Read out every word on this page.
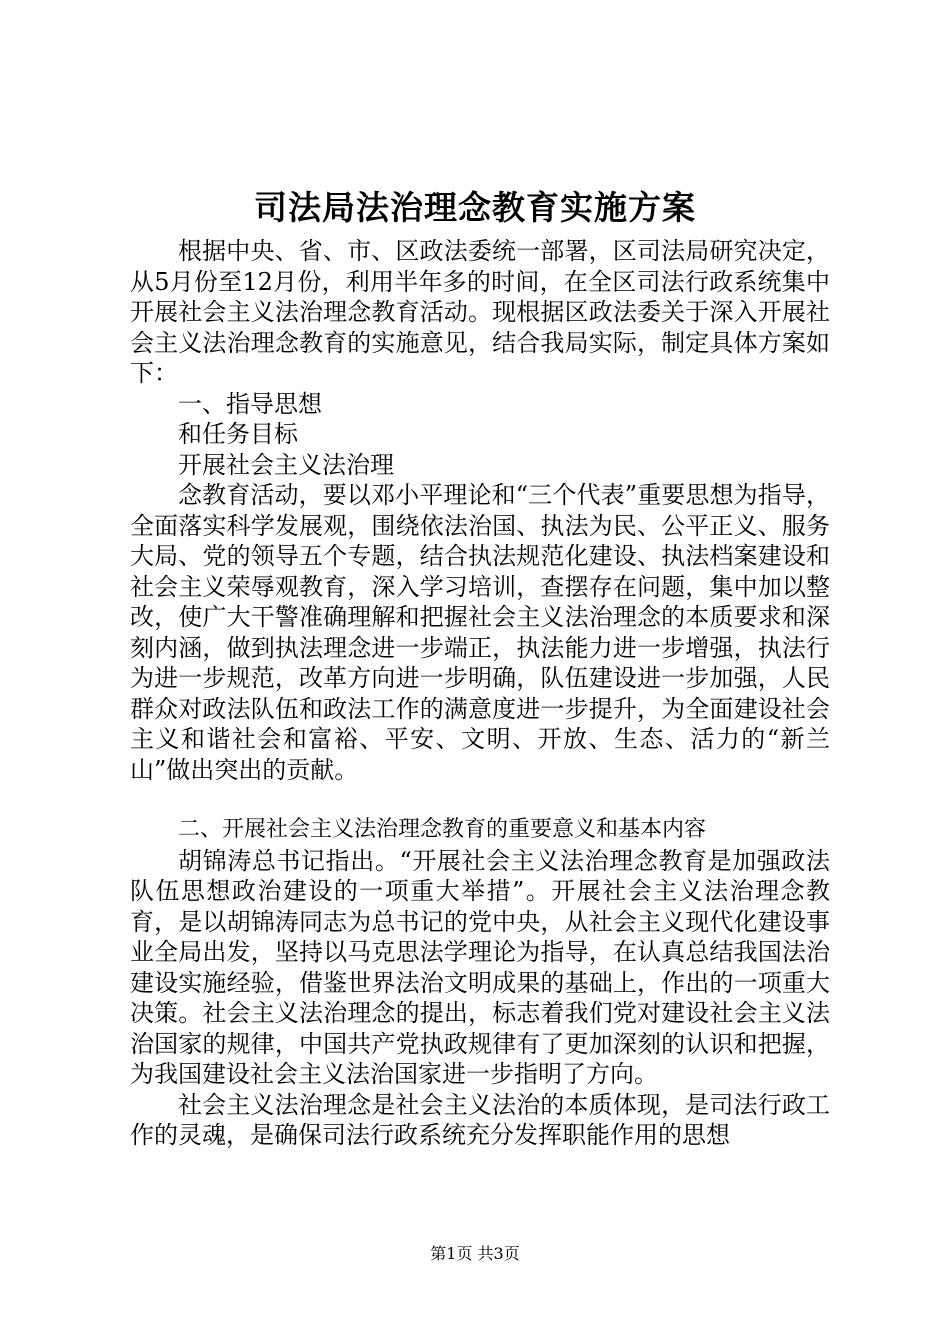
司法局法治理念教育实施方案

根据中央、省、市、区政法委统一部署，区司法局研究决定，从5月份至12月份，利用半年多的时间，在全区司法行政系统集中开展社会主义法治理念教育活动。现根据区政法委关于深入开展社会主义法治理念教育的实施意见，结合我局实际，制定具体方案如下：

一、指导思想

和任务目标

开展社会主义法治理

念教育活动，要以邓小平理论和“三个代表”重要思想为指导，全面落实科学发展观，围绕依法治国、执法为民、公平正义、服务大局、党的领导五个专题，结合执法规范化建设、执法档案建设和社会主义荣辱观教育，深入学习培训，查摆存在问题，集中加以整改，使广大干警准确理解和把握社会主义法治理念的本质要求和深刻内涵，做到执法理念进一步端正，执法能力进一步增强，执法行为进一步规范，改革方向进一步明确，队伍建设进一步加强，人民群众对政法队伍和政法工作的满意度进一步提升，为全面建设社会主义和谐社会和富裕、平安、文明、开放、生态、活力的“新兰山”做出突出的贡献。

二、开展社会主义法治理念教育的重要意义和基本内容

胡锦涛总书记指出。“开展社会主义法治理念教育是加强政法队伍思想政治建设的一项重大举措”。开展社会主义法治理念教育，是以胡锦涛同志为总书记的党中央，从社会主义现代化建设事业全局出发，坚持以马克思法学理论为指导，在认真总结我国法治建设实施经验，借鉴世界法治文明成果的基础上，作出的一项重大决策。社会主义法治理念的提出，标志着我们党对建设社会主义法治国家的规律，中国共产党执政规律有了更加深刻的认识和把握，为我国建设社会主义法治国家进一步指明了方向。

社会主义法治理念是社会主义法治的本质体现，是司法行政工作的灵魂，是确保司法行政系统充分发挥职能作用的思想

第1页 共3页
